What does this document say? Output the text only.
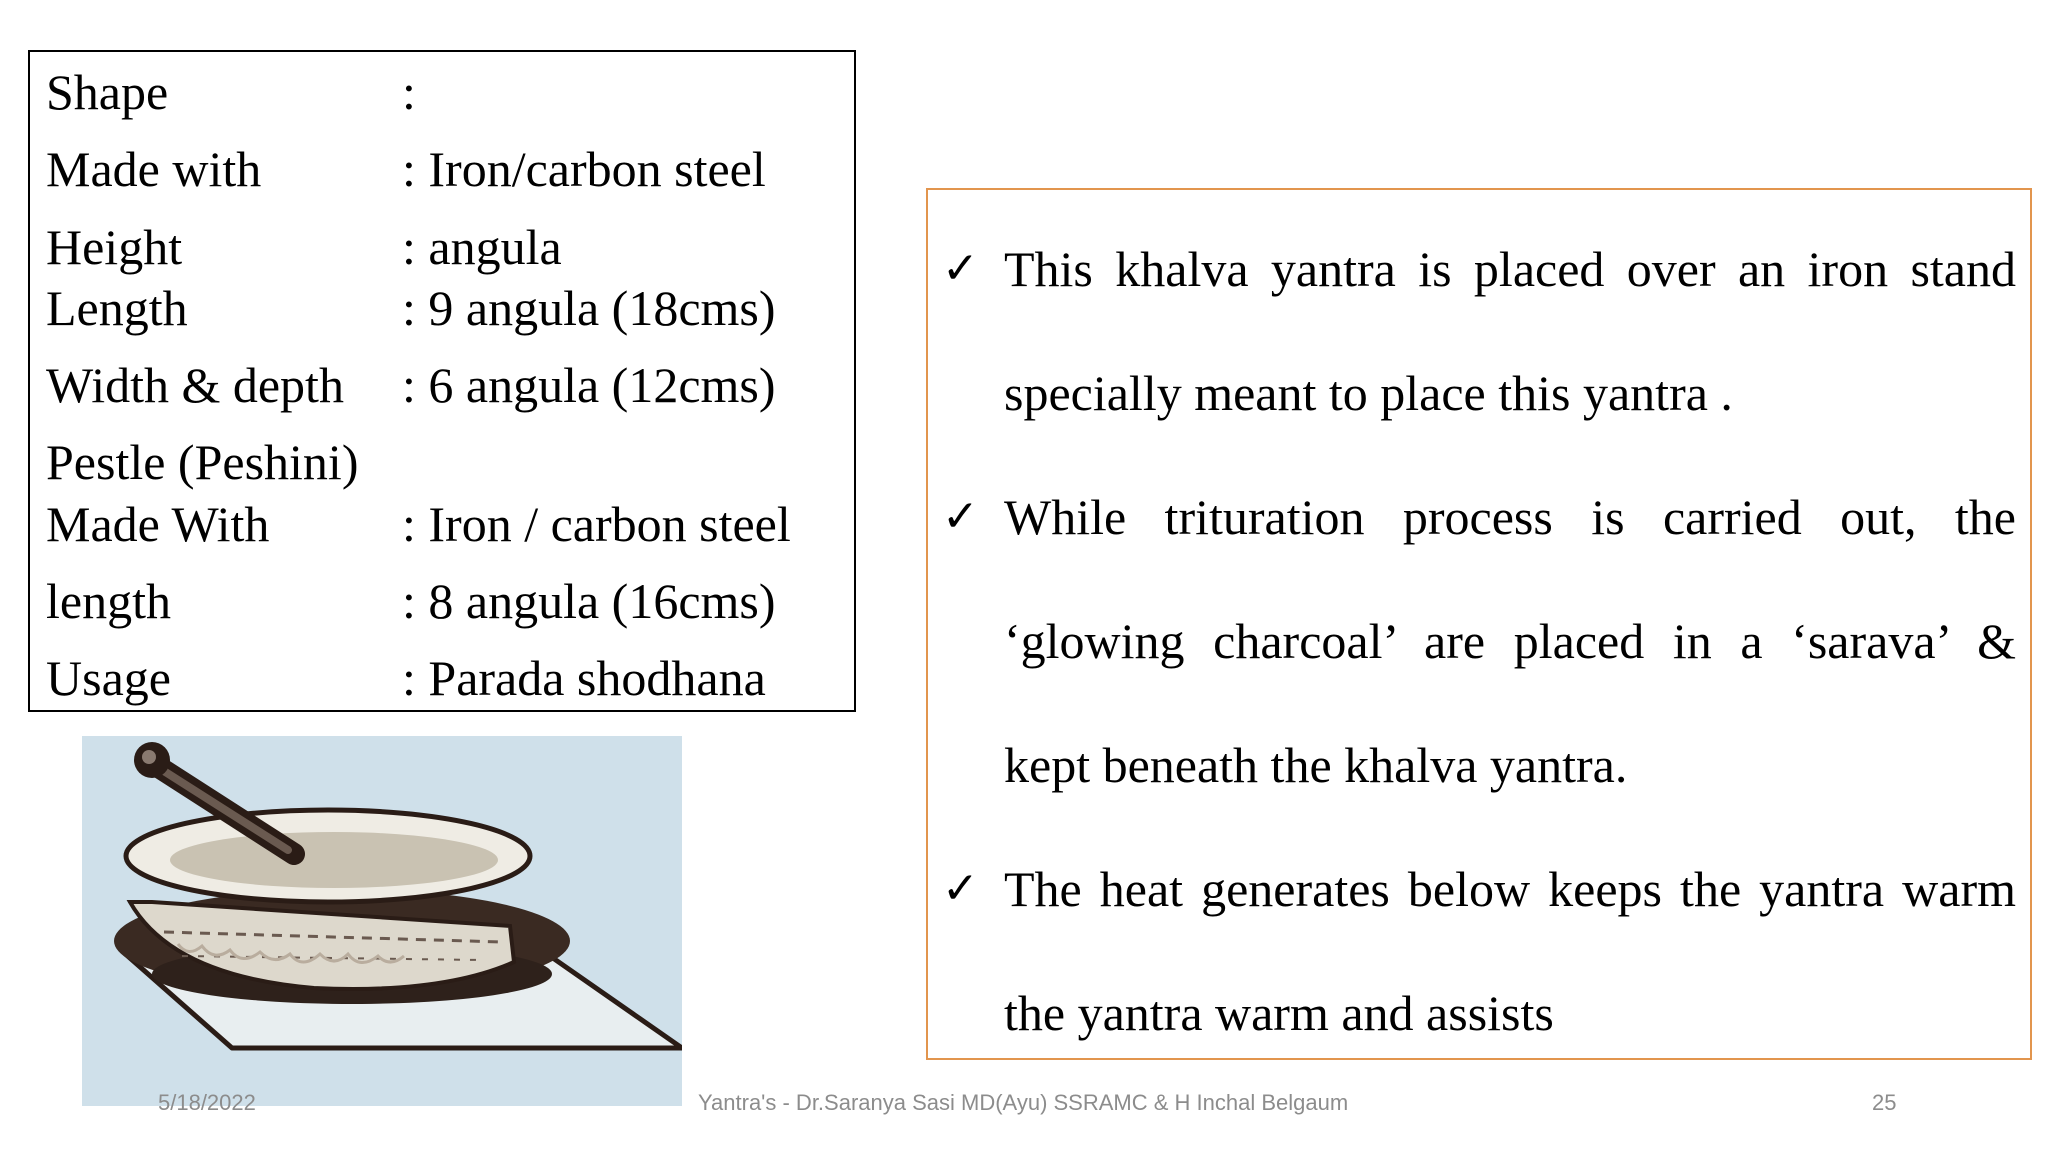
Shape	:
Made with	: Iron/carbon steel
Height	: angula
Length	: 9 angula (18cms)
Width & depth : 6 angula (12cms)
Pestle (Peshini)
Made With	: Iron / carbon steel
length	: 8 angula (16cms)
Usage	: Parada shodhana
✓ This khalva yantra is placed over an iron stand
specially meant to place this yantra .
✓ While trituration process is carried out, the
‘glowing charcoal’ are placed in a ‘sarava’ &
kept beneath the khalva yantra.
✓ The heat generates below keeps the yantra warm
the yantra warm and assists
5/18/2022	Yantra's - Dr.Saranya Sasi MD(Ayu) SSRAMC & H Inchal Belgaum	25
